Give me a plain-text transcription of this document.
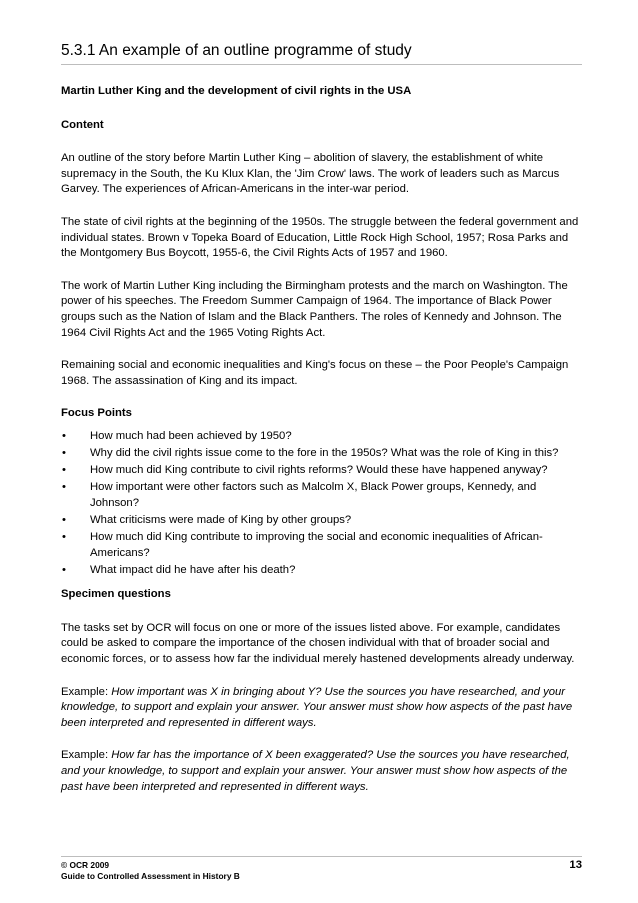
5.3.1 An example of an outline programme of study

Martin Luther King and the development of civil rights in the USA

Content

An outline of the story before Martin Luther King – abolition of slavery, the establishment of white supremacy in the South, the Ku Klux Klan, the 'Jim Crow' laws. The work of leaders such as Marcus Garvey. The experiences of African-Americans in the inter-war period.

The state of civil rights at the beginning of the 1950s. The struggle between the federal government and individual states. Brown v Topeka Board of Education, Little Rock High School, 1957; Rosa Parks and the Montgomery Bus Boycott, 1955-6, the Civil Rights Acts of 1957 and 1960.

The work of Martin Luther King including the Birmingham protests and the march on Washington. The power of his speeches. The Freedom Summer Campaign of 1964. The importance of Black Power groups such as the Nation of Islam and the Black Panthers. The roles of Kennedy and Johnson. The 1964 Civil Rights Act and the 1965 Voting Rights Act.

Remaining social and economic inequalities and King's focus on these – the Poor People's Campaign 1968. The assassination of King and its impact.

Focus Points

• How much had been achieved by 1950?
• Why did the civil rights issue come to the fore in the 1950s? What was the role of King in this?
• How much did King contribute to civil rights reforms? Would these have happened anyway?
• How important were other factors such as Malcolm X, Black Power groups, Kennedy, and Johnson?
• What criticisms were made of King by other groups?
• How much did King contribute to improving the social and economic inequalities of African-Americans?
• What impact did he have after his death?

Specimen questions

The tasks set by OCR will focus on one or more of the issues listed above. For example, candidates could be asked to compare the importance of the chosen individual with that of broader social and economic forces, or to assess how far the individual merely hastened developments already underway.

Example: How important was X in bringing about Y? Use the sources you have researched, and your knowledge, to support and explain your answer. Your answer must show how aspects of the past have been interpreted and represented in different ways.

Example: How far has the importance of X been exaggerated? Use the sources you have researched, and your knowledge, to support and explain your answer. Your answer must show how aspects of the past have been interpreted and represented in different ways.

© OCR 2009
Guide to Controlled Assessment in History B
13
